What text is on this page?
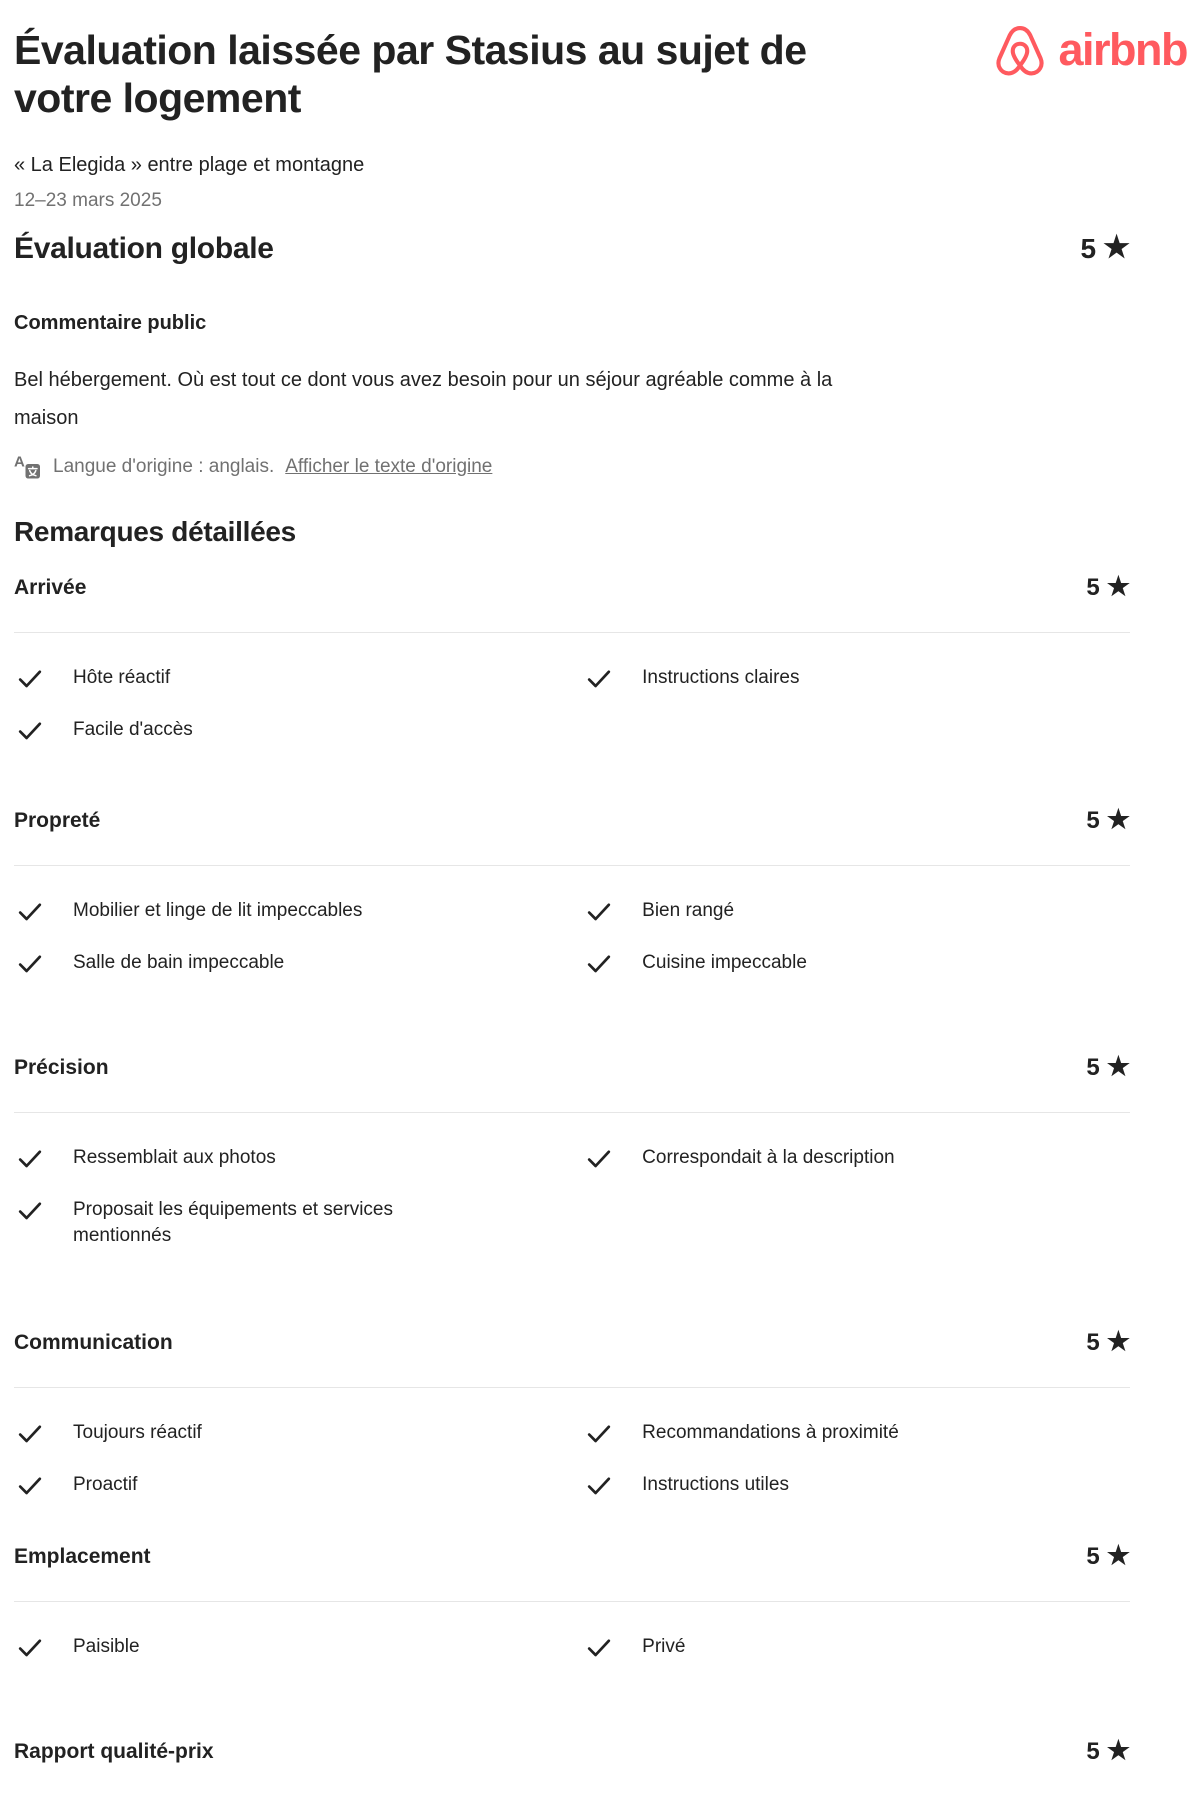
Évaluation laissée par Stasius au sujet de votre logement
airbnb

« La Elegida » entre plage et montagne

12–23 mars 2025

Évaluation globale	5 ★
Commentaire public

Bel hébergement. Où est tout ce dont vous avez besoin pour un séjour agréable comme à la maison

A Langue d'origine : anglais. Afficher le texte d'origine
Remarques détaillées
Arrivée	5 ★
Hôte réactif	Instructions claires
Facile d'accès
Propreté	5 ★
Mobilier et linge de lit impeccables	Bien rangé
Salle de bain impeccable	Cuisine impeccable
Précision	5 ★
Ressemblait aux photos	Correspondait à la description
Proposait les équipements et services mentionnés
Communication	5 ★
Toujours réactif	Recommandations à proximité
Proactif	Instructions utiles
Emplacement	5 ★
Paisible	Privé
Rapport qualité-prix	5 ★
